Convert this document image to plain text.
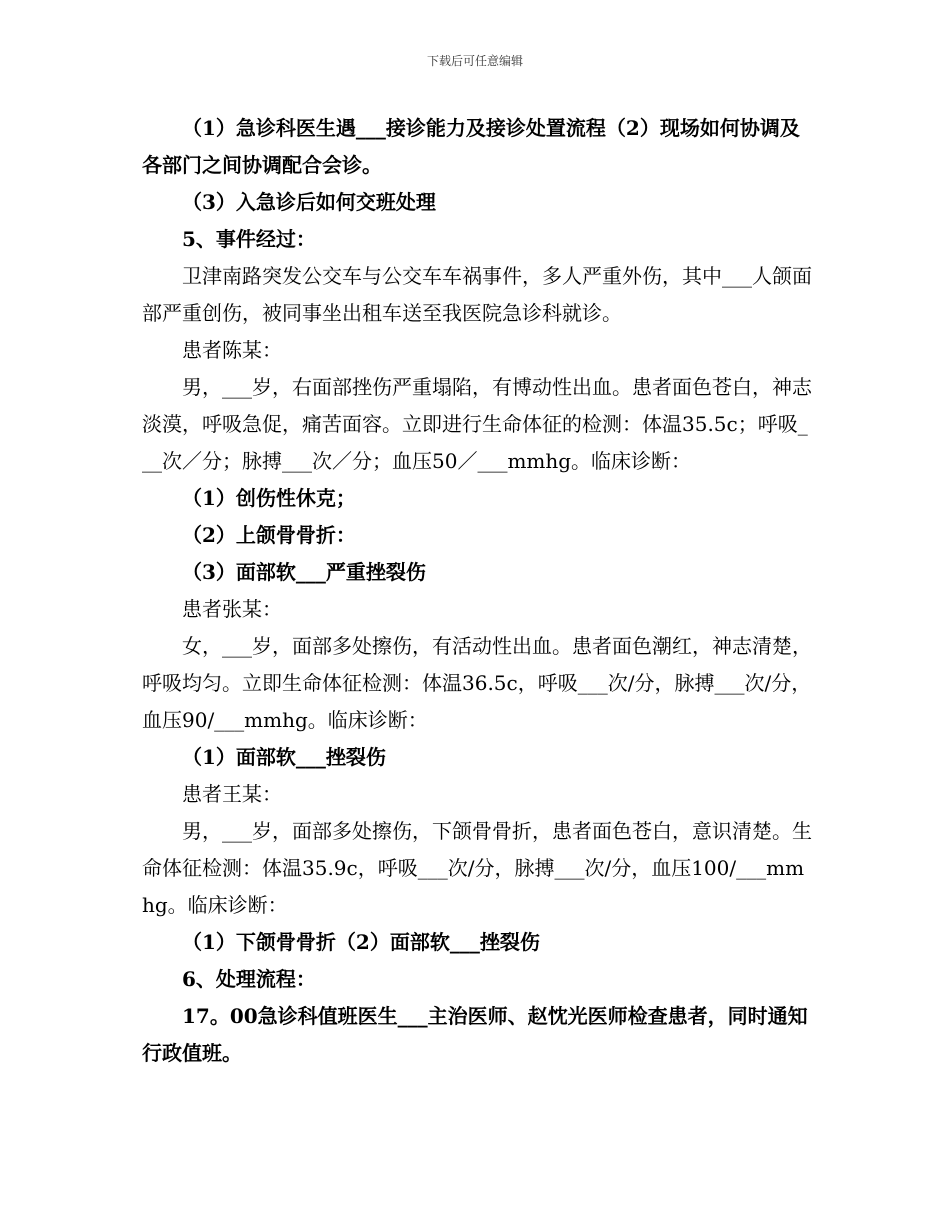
下载后可任意编辑

（1）急诊科医生遇___接诊能力及接诊处置流程（2）现场如何协调及各部门之间协调配合会诊。

（3）入急诊后如何交班处理

5、事件经过：

卫津南路突发公交车与公交车车祸事件，多人严重外伤，其中___人颌面部严重创伤，被同事坐出租车送至我医院急诊科就诊。

患者陈某：

男，___岁，右面部挫伤严重塌陷，有博动性出血。患者面色苍白，神志淡漠，呼吸急促，痛苦面容。立即进行生命体征的检测：体温35.5c；呼吸___次／分；脉搏___次／分；血压50／___mmhg。临床诊断：

（1）创伤性休克；

（2）上颌骨骨折：

（3）面部软___严重挫裂伤

患者张某：

女，___岁，面部多处擦伤，有活动性出血。患者面色潮红，神志清楚，呼吸均匀。立即生命体征检测：体温36.5c，呼吸___次/分，脉搏___次/分，血压90/___mmhg。临床诊断：

（1）面部软___挫裂伤

患者王某：

男，___岁，面部多处擦伤，下颌骨骨折，患者面色苍白，意识清楚。生命体征检测：体温35.9c，呼吸___次/分，脉搏___次/分，血压100/___mmhg。临床诊断：

（1）下颌骨骨折（2）面部软___挫裂伤

6、处理流程：

17。00急诊科值班医生___主治医师、赵忱光医师检查患者，同时通知行政值班。
